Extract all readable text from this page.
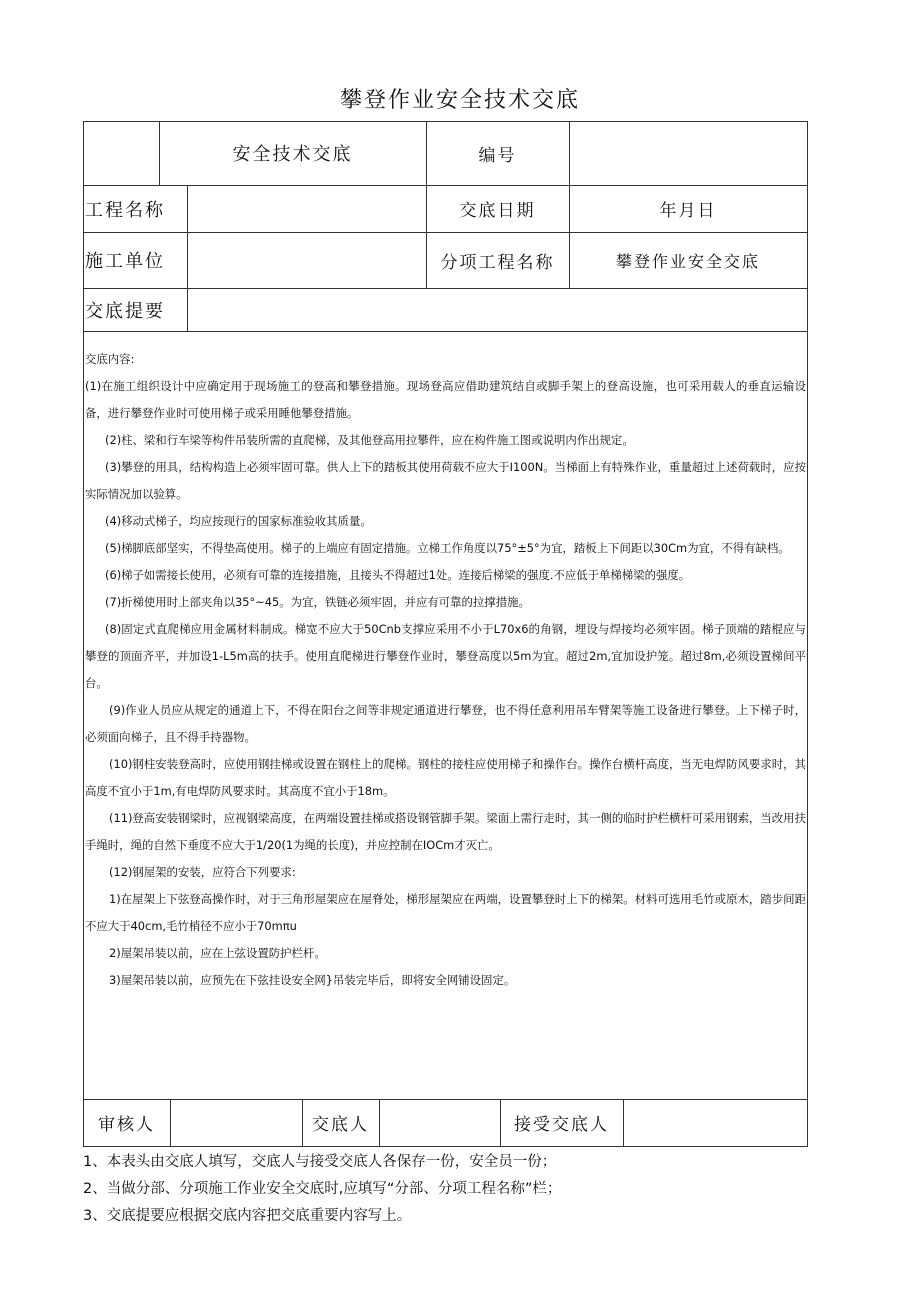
攀登作业安全技术交底
安全技术交底	编号
工程名称	交底日期	年月日
施工单位	分项工程名称	攀登作业安全交底
交底提要

交底内容:

(1)在施工组织设计中应确定用于现场施工的登高和攀登措施。现场登高应借助建筑结自或脚手架上的登高设施，也可采用载人的垂直运输设备，进行攀登作业时可使用梯子或采用睡他攀登措施。

(2)柱、梁和行车梁等构件吊装所需的直爬梯，及其他登高用拉攀件，应在构件施工图或说明内作出规定。

(3)攀登的用具，结构构造上必须牢固可靠。供人上下的踏板其使用荷载不应大于I100N。当梯面上有特殊作业，重量超过上述荷载时，应按实际情况加以验算。

(4)移动式梯子，均应按现行的国家标准验收其质量。

(5)梯脚底部坚实，不得垫高使用。梯子的上端应有固定措施。立梯工作角度以75°±5°为宜，踏板上下间距以30Cm为宜，不得有缺档。

(6)梯子如需接长使用，必须有可靠的连接措施，且接头不得超过1处。连接后梯梁的强度.不应低于单梯梯梁的强度。

(7)折梯使用时上部夹角以35°~45。为宜，铁链必须牢固，并应有可靠的拉撑措施。

(8)固定式直爬梯应用金属材料制成。梯宽不应大于50Cnb支撑应采用不小于L70x6的角钢，埋设与焊接均必须牢固。梯子顶端的踏棍应与攀登的顶面齐平，并加设1-L5m高的扶手。使用直爬梯进行攀登作业时，攀登高度以5m为宜。超过2m,宜加设护笼。超过8m,必须设置梯间平台。

(9)作业人员应从规定的通道上下，不得在阳台之间等非规定通道进行攀登，也不得任意利用吊车臂架等施工设备进行攀登。上下梯子时，必须面向梯子，且不得手持器物。

(10)钢柱安装登高时，应使用钢挂梯或设置在钢柱上的爬梯。钢柱的接柱应使用梯子和操作台。操作台横杆高度，当无电焊防风要求时，其高度不宜小于1m,有电焊防风要求时。其高度不宜小于18m。

(11)登高安装钢梁时，应视钢梁高度，在两端设置挂梯或搭设钢管脚手架。梁面上需行走时，其一侧的临时护栏横杆可采用钢索，当改用扶手绳时，绳的自然下垂度不应大于1/20(1为绳的长度)，并应控制在IOCm才灭亡。

(12)钢屋架的安装，应符合下列要求:

1)在屋架上下弦登高操作时，对于三角形屋架应在屋脊处，梯形屋架应在两端，设置攀登时上下的梯架。材料可选用毛竹或原木，踏步间距不应大于40cm,毛竹梢径不应小于70mπu

2)屋架吊装以前，应在上弦设置防护栏杆。

3)屋架吊装以前，应预先在下弦挂设安全网}吊装完毕后，即将安全网铺设固定。

审核人	交底人	接受交底人
1、本表头由交底人填写，交底人与接受交底人各保存一份，安全员一份；
2、当做分部、分项施工作业安全交底时,应填写“分部、分项工程名称”栏；
3、交底提要应根据交底内容把交底重要内容写上。
